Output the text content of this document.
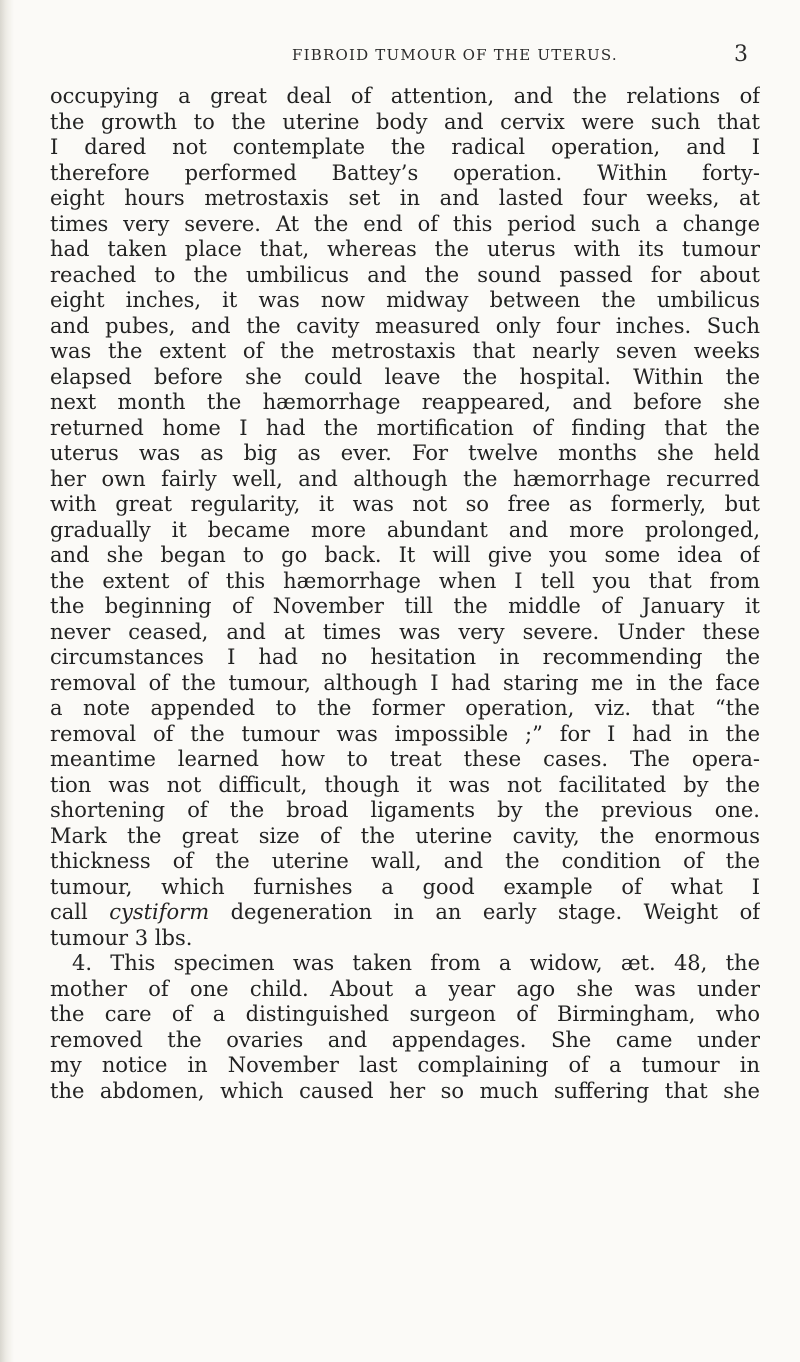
FIBROID TUMOUR OF THE UTERUS.	3
occupying a great deal of attention, and the relations of
the growth to the uterine body and cervix were such that
I dared not contemplate the radical operation, and I
therefore performed Battey’s operation. Within forty-
eight hours metrostaxis set in and lasted four weeks, at
times very severe. At the end of this period such a change
had taken place that, whereas the uterus with its tumour
reached to the umbilicus and the sound passed for about
eight inches, it was now midway between the umbilicus
and pubes, and the cavity measured only four inches. Such
was the extent of the metrostaxis that nearly seven weeks
elapsed before she could leave the hospital. Within the
next month the hæmorrhage reappeared, and before she
returned home I had the mortification of finding that the
uterus was as big as ever. For twelve months she held
her own fairly well, and although the hæmorrhage recurred
with great regularity, it was not so free as formerly, but
gradually it became more abundant and more prolonged,
and she began to go back. It will give you some idea of
the extent of this hæmorrhage when I tell you that from
the beginning of November till the middle of January it
never ceased, and at times was very severe. Under these
circumstances I had no hesitation in recommending the
removal of the tumour, although I had staring me in the face
a note appended to the former operation, viz. that “the
removal of the tumour was impossible ;” for I had in the
meantime learned how to treat these cases. The opera-
tion was not difficult, though it was not facilitated by the
shortening of the broad ligaments by the previous one.
Mark the great size of the uterine cavity, the enormous
thickness of the uterine wall, and the condition of the
tumour, which furnishes a good example of what I
call cystiform degeneration in an early stage. Weight of
tumour 3 lbs.
4. This specimen was taken from a widow, æt. 48, the
mother of one child. About a year ago she was under
the care of a distinguished surgeon of Birmingham, who
removed the ovaries and appendages. She came under
my notice in November last complaining of a tumour in
the abdomen, which caused her so much suffering that she
